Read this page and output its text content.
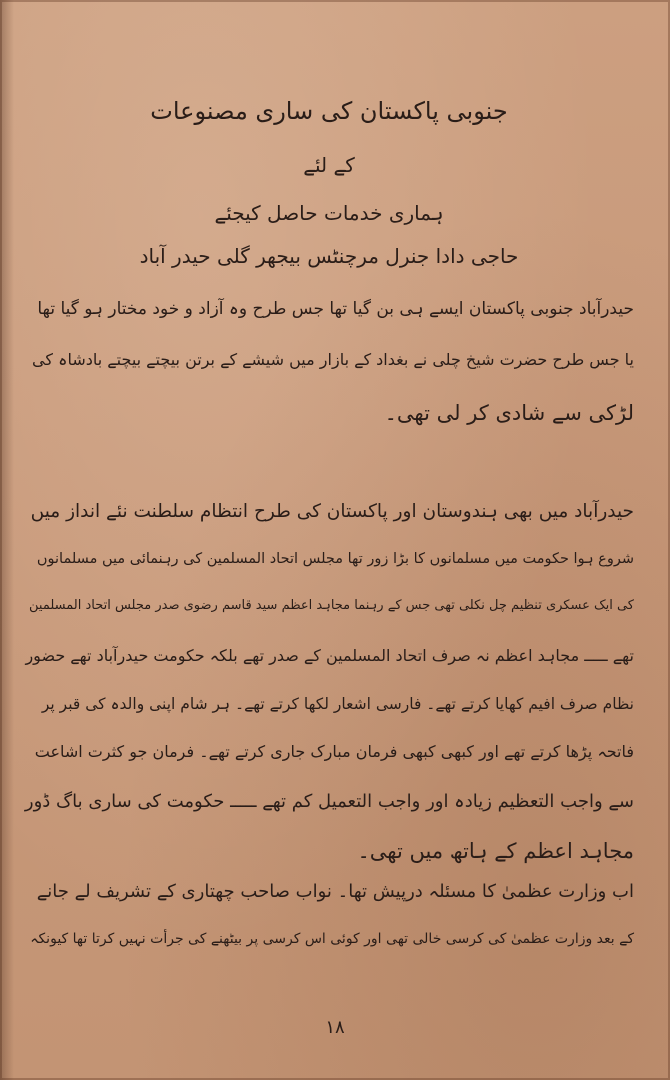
جنوبی پاکستان کی ساری مصنوعات

کے لئے

ہماری خدمات حاصل کیجئے

حاجی دادا جنرل مرچنٹس بیجھر گلی حیدر آباد

حیدرآباد جنوبی پاکستان ایسے ہی بن گیا تھا جس طرح وہ آزاد و خود مختار ہو گیا تھا

یا جس طرح حضرت شیخ چلی نے بغداد کے بازار میں شیشے کے برتن بیچتے بیچتے بادشاہ کی

لڑکی سے شادی کر لی تھی۔

حیدرآباد میں بھی ہندوستان اور پاکستان کی طرح انتظام سلطنت نئے انداز میں

شروع ہوا حکومت میں مسلمانوں کا بڑا زور تھا مجلس اتحاد المسلمین کی رہنمائی میں مسلمانوں

کی ایک عسکری تنظیم چل نکلی تھی جس کے رہنما مجاہد اعظم سید قاسم رضوی صدر مجلس اتحاد المسلمین

تھے ـــــ مجاہد اعظم نہ صرف اتحاد المسلمین کے صدر تھے بلکہ حکومت حیدرآباد تھے حضور

نظام صرف افیم کھایا کرتے تھے۔ فارسی اشعار لکھا کرتے تھے۔ ہر شام اپنی والدہ کی قبر پر

فاتحہ پڑھا کرتے تھے اور کبھی کبھی فرمان مبارک جاری کرتے تھے۔ فرمان جو کثرت اشاعت

سے واجب التعظیم زیادہ اور واجب التعمیل کم تھے ـــــ حکومت کی ساری باگ ڈور

مجاہد اعظم کے ہاتھ میں تھی۔

اب وزارت عظمیٰ کا مسئلہ درپیش تھا۔ نواب صاحب چھتاری کے تشریف لے جانے

کے بعد وزارت عظمیٰ کی کرسی خالی تھی اور کوئی اس کرسی پر بیٹھنے کی جرأت نہیں کرتا تھا کیونکہ

۱۸
